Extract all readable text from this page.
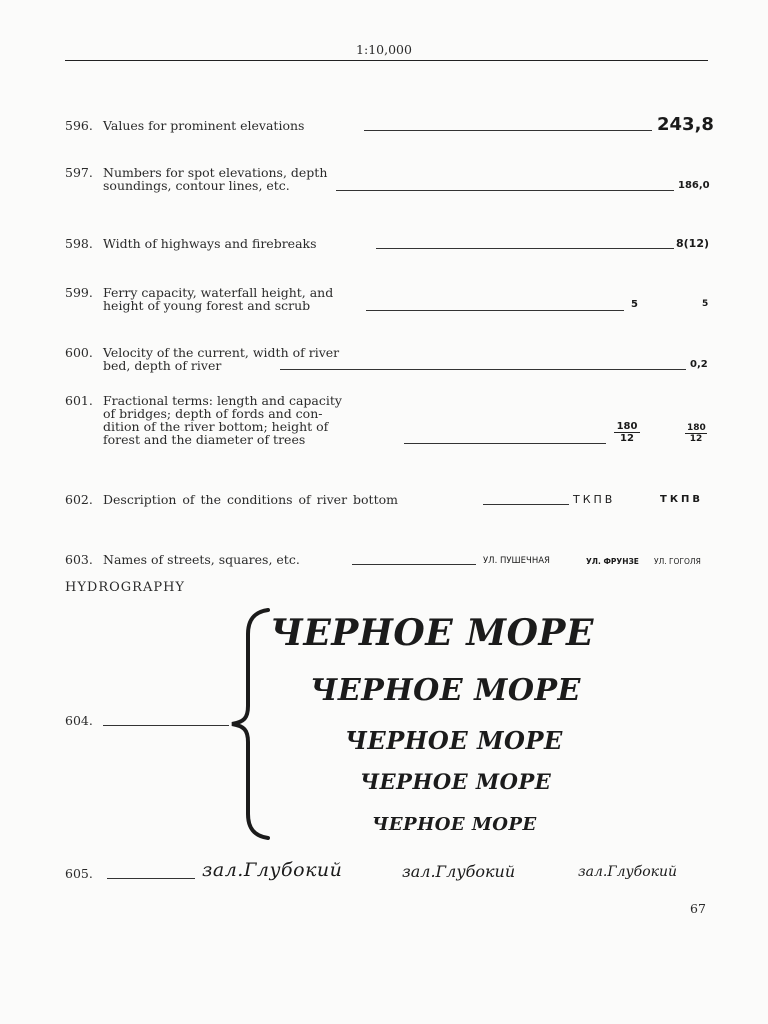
1:10,000
596. Values for prominent elevations	243,8
597. Numbers for spot elevations, depth
soundings, contour lines, etc.	186,0
598. Width of highways and firebreaks	8(12)
599. Ferry capacity, waterfall height, and
height of young forest and scrub	5	5
600. Velocity of the current, width of river
bed, depth of river	0,2
601. Fractional terms: length and capacity
of bridges; depth of fords and con-
dition of the river bottom; height of
forest and the diameter of trees	$\frac{180}{12}$	$\frac{180}{12}$
602. Description of the conditions of river bottom	ТКПВ	ТКПВ
603. Names of streets, squares, etc.	УЛ. ПУШЕЧНАЯ	УЛ. ФРУНЗЕ УЛ. ГОГОЛЯ
HYDROGRAPHY
604.
ЧЕРНОЕ МОРЕ
ЧЕРНОЕ МОРЕ
ЧЕРНОЕ МОРЕ
ЧЕРНОЕ МОРЕ
ЧЕРНОЕ МОРЕ
605.	зал.Глубокий	зал.Глубокий	зал.Глубокий
67
